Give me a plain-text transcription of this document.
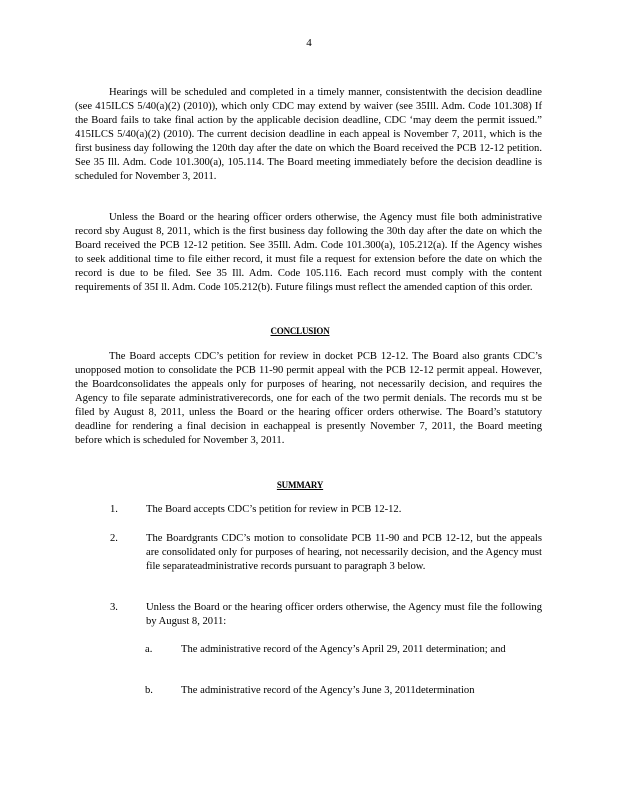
4
Hearings will be scheduled and completed in a timely manner, consistentwith the decision deadline (see 415ILCS 5/40(a)(2) (2010)), which only CDC may extend by waiver (see 35Ill. Adm. Code 101.308) If the Board fails to take final action by the applicable decision deadline, CDC ‘may deem the permit issued.” 415ILCS 5/40(a)(2) (2010). The current decision deadline in each appeal is November 7, 2011, which is the first business day following the 120th day after the date on which the Board received the PCB 12-12 petition. See 35 Ill. Adm. Code 101.300(a), 105.114. The Board meeting immediately before the decision deadline is scheduled for November 3, 2011.
Unless the Board or the hearing officer orders otherwise, the Agency must file both administrative record sby August 8, 2011, which is the first business day following the 30th day after the date on which the Board received the PCB 12-12 petition. See 35Ill. Adm. Code 101.300(a), 105.212(a). If the Agency wishes to seek additional time to file either record, it must file a request for extension before the date on which the record is due to be filed. See 35 Ill. Adm. Code 105.116. Each record must comply with the content requirements of 35I ll. Adm. Code 105.212(b). Future filings must reflect the amended caption of this order.
CONCLUSION
The Board accepts CDC’s petition for review in docket PCB 12-12. The Board also grants CDC’s unopposed motion to consolidate the PCB 11-90 permit appeal with the PCB 12-12 permit appeal. However, the Boardconsolidates the appeals only for purposes of hearing, not necessarily decision, and requires the Agency to file separate administrativerecords, one for each of the two permit denials. The records mu st be filed by August 8, 2011, unless the Board or the hearing officer orders otherwise. The Board’s statutory deadline for rendering a final decision in eachappeal is presently November 7, 2011, the Board meeting before which is scheduled for November 3, 2011.
SUMMARY
1.	The Board accepts CDC’s petition for review in PCB 12-12.
2.	The Boardgrants CDC’s motion to consolidate PCB 11-90 and PCB 12-12, but the appeals are consolidated only for purposes of hearing, not necessarily decision, and the Agency must file separateadministrative records pursuant to paragraph 3 below.
3.	Unless the Board or the hearing officer orders otherwise, the Agency must file the following by August 8, 2011:
a.	The administrative record of the Agency’s April 29, 2011 determination; and
b.	The administrative record of the Agency’s June 3, 2011determination
